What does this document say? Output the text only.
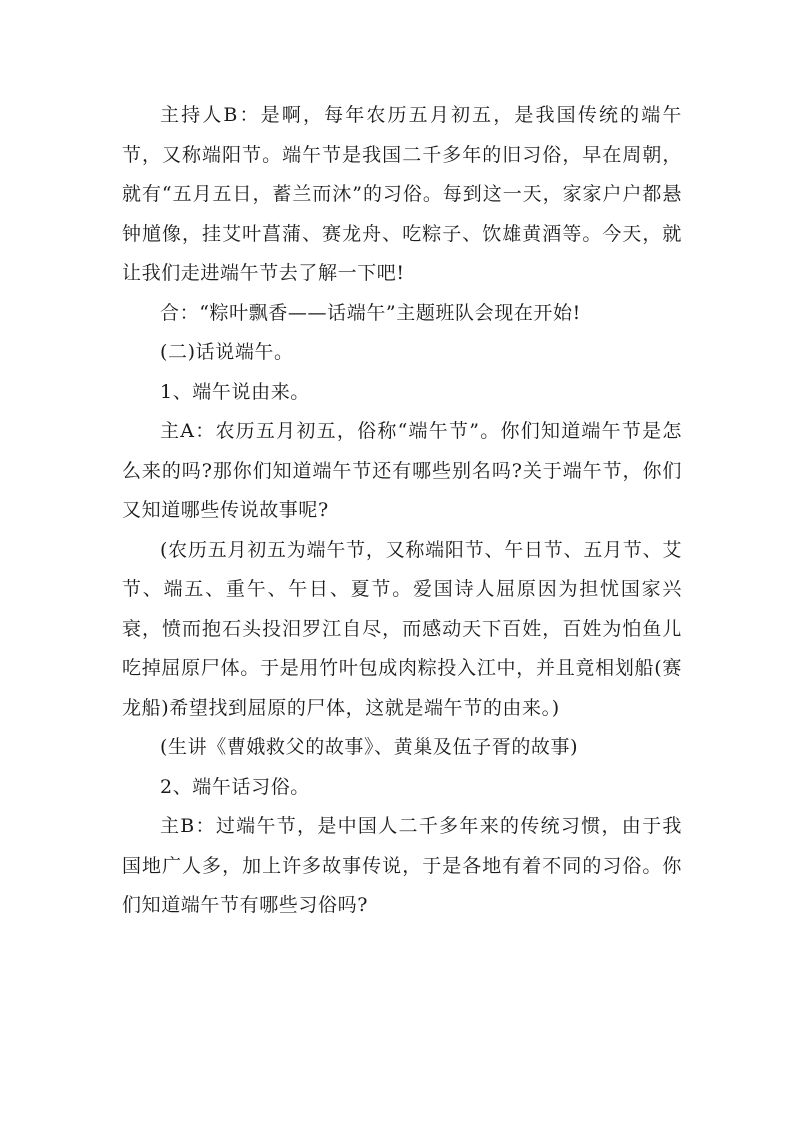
主持人B：是啊，每年农历五月初五，是我国传统的端午节，又称端阳节。端午节是我国二千多年的旧习俗，早在周朝，就有“五月五日，蓄兰而沐”的习俗。每到这一天，家家户户都悬钟馗像，挂艾叶菖蒲、赛龙舟、吃粽子、饮雄黄酒等。今天，就让我们走进端午节去了解一下吧!

合：“粽叶飘香——话端午”主题班队会现在开始!

(二)话说端午。

1、端午说由来。

主A：农历五月初五，俗称“端午节”。你们知道端午节是怎么来的吗?那你们知道端午节还有哪些别名吗?关于端午节，你们又知道哪些传说故事呢?

(农历五月初五为端午节，又称端阳节、午日节、五月节、艾节、端五、重午、午日、夏节。爱国诗人屈原因为担忧国家兴衰，愤而抱石头投汨罗江自尽，而感动天下百姓，百姓为怕鱼儿吃掉屈原尸体。于是用竹叶包成肉粽投入江中，并且竟相划船(赛龙船)希望找到屈原的尸体，这就是端午节的由来。)

(生讲《曹娥救父的故事》、黄巢及伍子胥的故事)

2、端午话习俗。

主B：过端午节，是中国人二千多年来的传统习惯，由于我国地广人多，加上许多故事传说，于是各地有着不同的习俗。你们知道端午节有哪些习俗吗?
